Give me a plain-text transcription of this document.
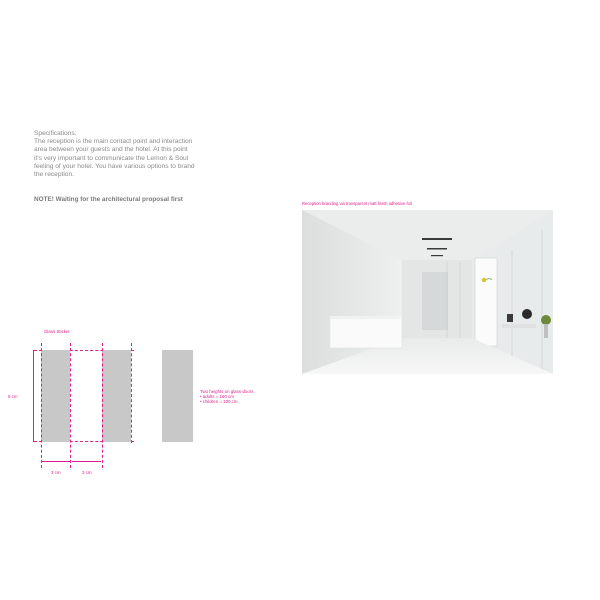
Specifications:

The reception is the main contact point and interaction

area between your guests and the hotel. At this point

it’s very important to communicate the Lemon & Soul

feeling of your hotel. You have various options to brand

the reception.

NOTE! Waiting for the architectural proposal first
Reception branding via transparent matt finish adhesive foil
Glass Sticker
9 cm
3 cm	3 cm
Two heights on glass-doors
• adults = 160 cm
• children = 100 cm
